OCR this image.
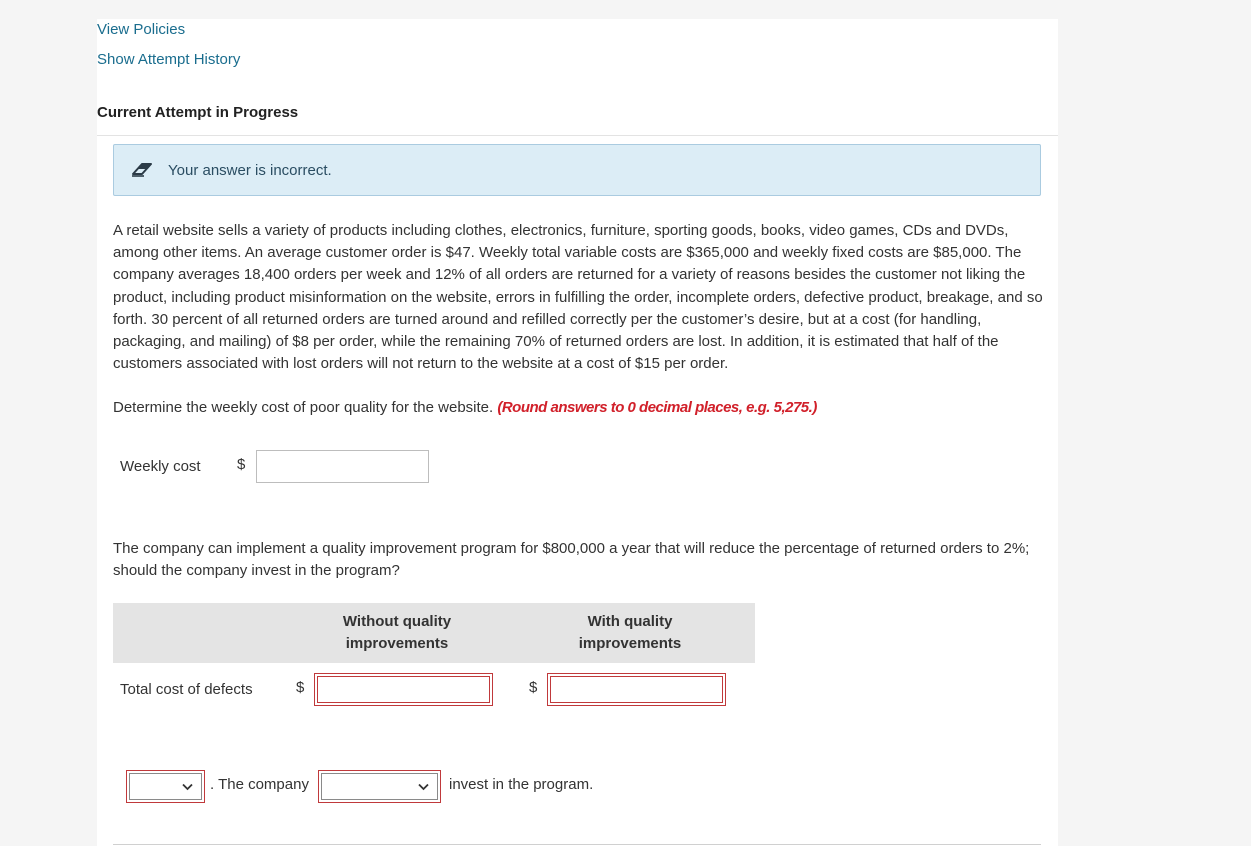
View Policies
Show Attempt History
Current Attempt in Progress
Your answer is incorrect.
A retail website sells a variety of products including clothes, electronics, furniture, sporting goods, books, video games, CDs and DVDs, among other items. An average customer order is $47. Weekly total variable costs are $365,000 and weekly fixed costs are $85,000. The company averages 18,400 orders per week and 12% of all orders are returned for a variety of reasons besides the customer not liking the product, including product misinformation on the website, errors in fulfilling the order, incomplete orders, defective product, breakage, and so forth. 30 percent of all returned orders are turned around and refilled correctly per the customer’s desire, but at a cost (for handling, packaging, and mailing) of $8 per order, while the remaining 70% of returned orders are lost. In addition, it is estimated that half of the customers associated with lost orders will not return to the website at a cost of $15 per order.
Determine the weekly cost of poor quality for the website. (Round answers to 0 decimal places, e.g. 5,275.)
Weekly cost $
The company can implement a quality improvement program for $800,000 a year that will reduce the percentage of returned orders to 2%; should the company invest in the program?
Without quality
improvements
With quality
improvements
Total cost of defects	$	$
. The company	invest in the program.
